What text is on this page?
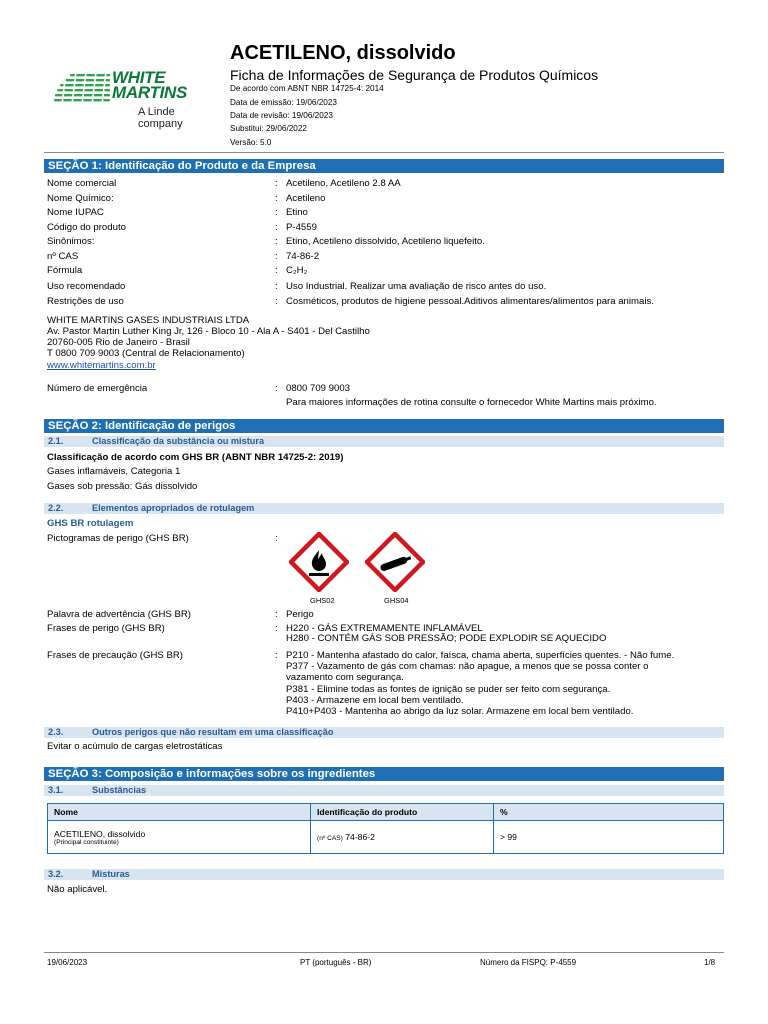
WHITE
MARTINS
A Linde company
ACETILENO, dissolvido
Ficha de Informações de Segurança de Produtos Químicos
De acordo com ABNT NBR 14725-4: 2014
Data de emissão: 19/06/2023
Data de revisão: 19/06/2023
Substitui: 29/06/2022
Versão: 5.0
SEÇÃO 1: Identificação do Produto e da Empresa
Nome comercial	: Acetileno, Acetileno 2.8 AA
Nome Químico:	: Acetileno
Nome IUPAC	: Etino
Código do produto	: P-4559
Sinônimos:	: Etino, Acetileno dissolvido, Acetileno liquefeito.
nº CAS	: 74-86-2
Fórmula	: C₂H₂
Uso recomendado	: Uso Industrial. Realizar uma avaliação de risco antes do uso.
Restrições de uso	: Cosméticos, produtos de higiene pessoal.Aditivos alimentares/alimentos para animais.
WHITE MARTINS GASES INDUSTRIAIS LTDA
Av. Pastor Martin Luther King Jr, 126 - Bloco 10 - Ala A - S401 - Del Castilho
20760-005 Rio de Janeiro - Brasil
T 0800 709 9003 (Central de Relacionamento)
www.whitemartins.com.br
Número de emergência	: 0800 709 9003
Para maiores informações de rotina consulte o fornecedor White Martins mais próximo.
SEÇÃO 2: Identificação de perigos
2.1.	Classificação da substância ou mistura
Classificação de acordo com GHS BR (ABNT NBR 14725-2: 2019)
Gases inflamáveis, Categoria 1
Gases sob pressão: Gás dissolvido
2.2.	Elementos apropriados de rotulagem
GHS BR rotulagem
Pictogramas de perigo (GHS BR)	:
GHS02	GHS04
Palavra de advertência (GHS BR)	: Perigo
Frases de perigo (GHS BR)	: H220 - GÁS EXTREMAMENTE INFLAMÁVEL
H280 - CONTÉM GÁS SOB PRESSÃO; PODE EXPLODIR SE AQUECIDO
Frases de precaução (GHS BR)	: P210 - Mantenha afastado do calor, faísca, chama aberta, superfícies quentes. - Não fume.
P377 - Vazamento de gás com chamas: não apague, a menos que se possa conter o
vazamento com segurança.
P381 - Elimine todas as fontes de ignição se puder ser feito com segurança.
P403 - Armazene em local bem ventilado.
P410+P403 - Mantenha ao abrigo da luz solar. Armazene em local bem ventilado.
2.3.	Outros perigos que não resultam em uma classificação
Evitar o acúmulo de cargas eletrostáticas
SEÇÃO 3: Composição e informações sobre os ingredientes
3.1.	Substâncias
Nome	Identificação do produto	%

ACETILENO, dissolvido
(Principal constituinte)	(nº CAS) 74-86-2	> 99
3.2.	Misturas
Não aplicável.
19/06/2023	PT (português - BR)	Número da FISPQ: P-4559	1/8
